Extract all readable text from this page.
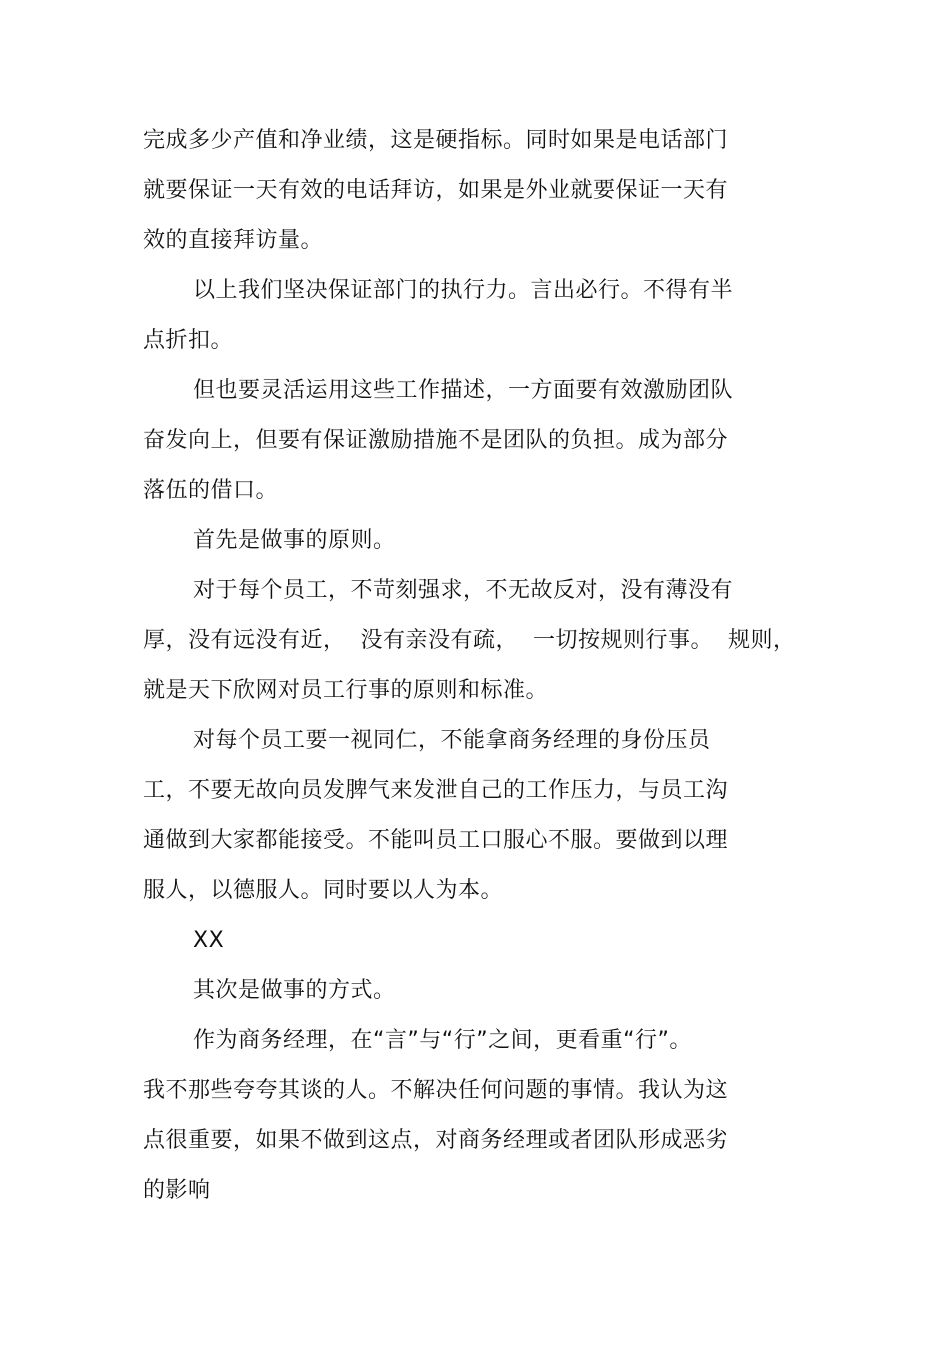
完成多少产值和净业绩，这是硬指标。同时如果是电话部门
就要保证一天有效的电话拜访，如果是外业就要保证一天有
效的直接拜访量。
以上我们坚决保证部门的执行力。言出必行。不得有半
点折扣。
但也要灵活运用这些工作描述，一方面要有效激励团队
奋发向上，但要有保证激励措施不是团队的负担。成为部分
落伍的借口。
首先是做事的原则。
对于每个员工，不苛刻强求，不无故反对，没有薄没有
厚，没有远没有近，  没有亲没有疏，  一切按规则行事。  规则，
就是天下欣网对员工行事的原则和标准。
对每个员工要一视同仁，不能拿商务经理的身份压员
工，不要无故向员发脾气来发泄自己的工作压力，与员工沟
通做到大家都能接受。不能叫员工口服心不服。要做到以理
服人，以德服人。同时要以人为本。
XX
其次是做事的方式。
作为商务经理，在“言”与“行”之间，更看重“行”。
我不那些夸夸其谈的人。不解决任何问题的事情。我认为这
点很重要，如果不做到这点，对商务经理或者团队形成恶劣
的影响
